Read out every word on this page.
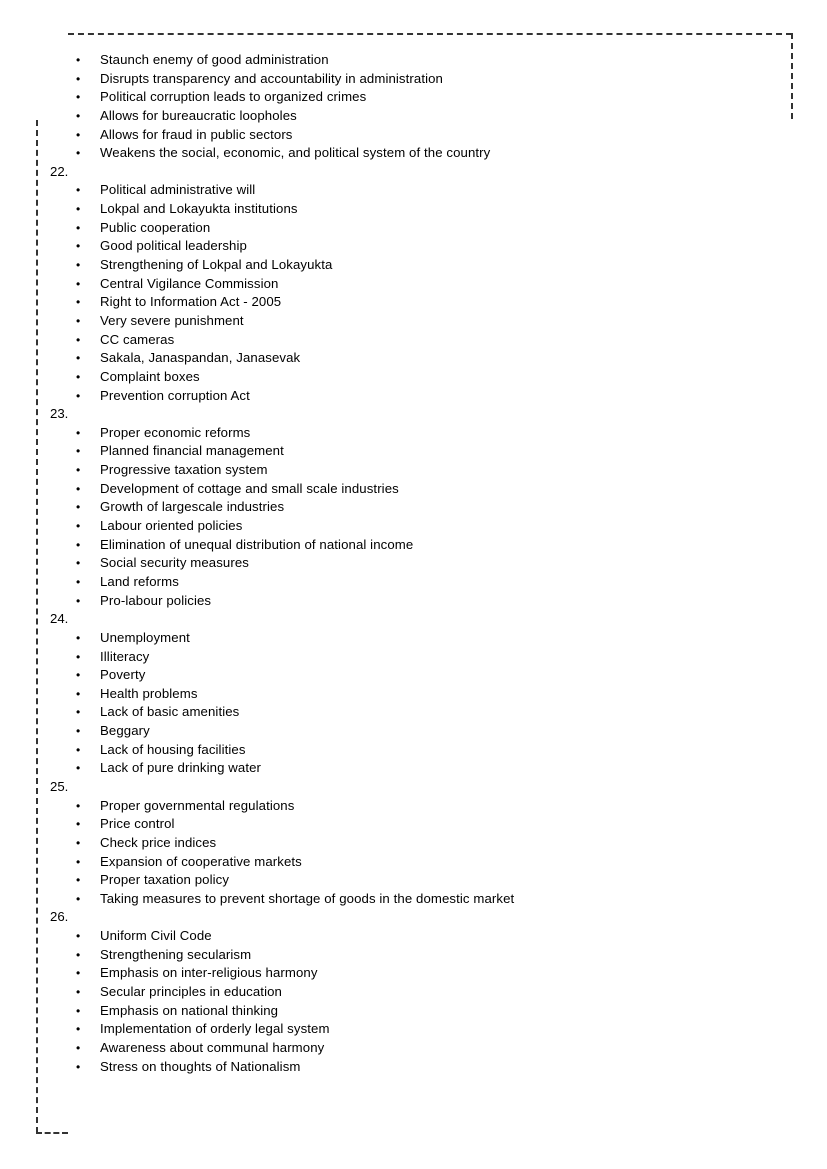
• Staunch enemy of good administration
• Disrupts transparency and accountability in administration
• Political corruption leads to organized crimes
• Allows for bureaucratic loopholes
• Allows for fraud in public sectors
• Weakens the social, economic, and political system of the country
22.
• Political administrative will
• Lokpal and Lokayukta institutions
• Public cooperation
• Good political leadership
• Strengthening of Lokpal and Lokayukta
• Central Vigilance Commission
• Right to Information Act - 2005
• Very severe punishment
• CC cameras
• Sakala, Janaspandan, Janasevak
• Complaint boxes
• Prevention corruption Act
23.
• Proper economic reforms
• Planned financial management
• Progressive taxation system
• Development of cottage and small scale industries
• Growth of largescale industries
• Labour oriented policies
• Elimination of unequal distribution of national income
• Social security measures
• Land reforms
• Pro-labour policies
24.
• Unemployment
• Illiteracy
• Poverty
• Health problems
• Lack of basic amenities
• Beggary
• Lack of housing facilities
• Lack of pure drinking water
25.
• Proper governmental regulations
• Price control
• Check price indices
• Expansion of cooperative markets
• Proper taxation policy
• Taking measures to prevent shortage of goods in the domestic market
26.
• Uniform Civil Code
• Strengthening secularism
• Emphasis on inter-religious harmony
• Secular principles in education
• Emphasis on national thinking
• Implementation of orderly legal system
• Awareness about communal harmony
• Stress on thoughts of Nationalism
